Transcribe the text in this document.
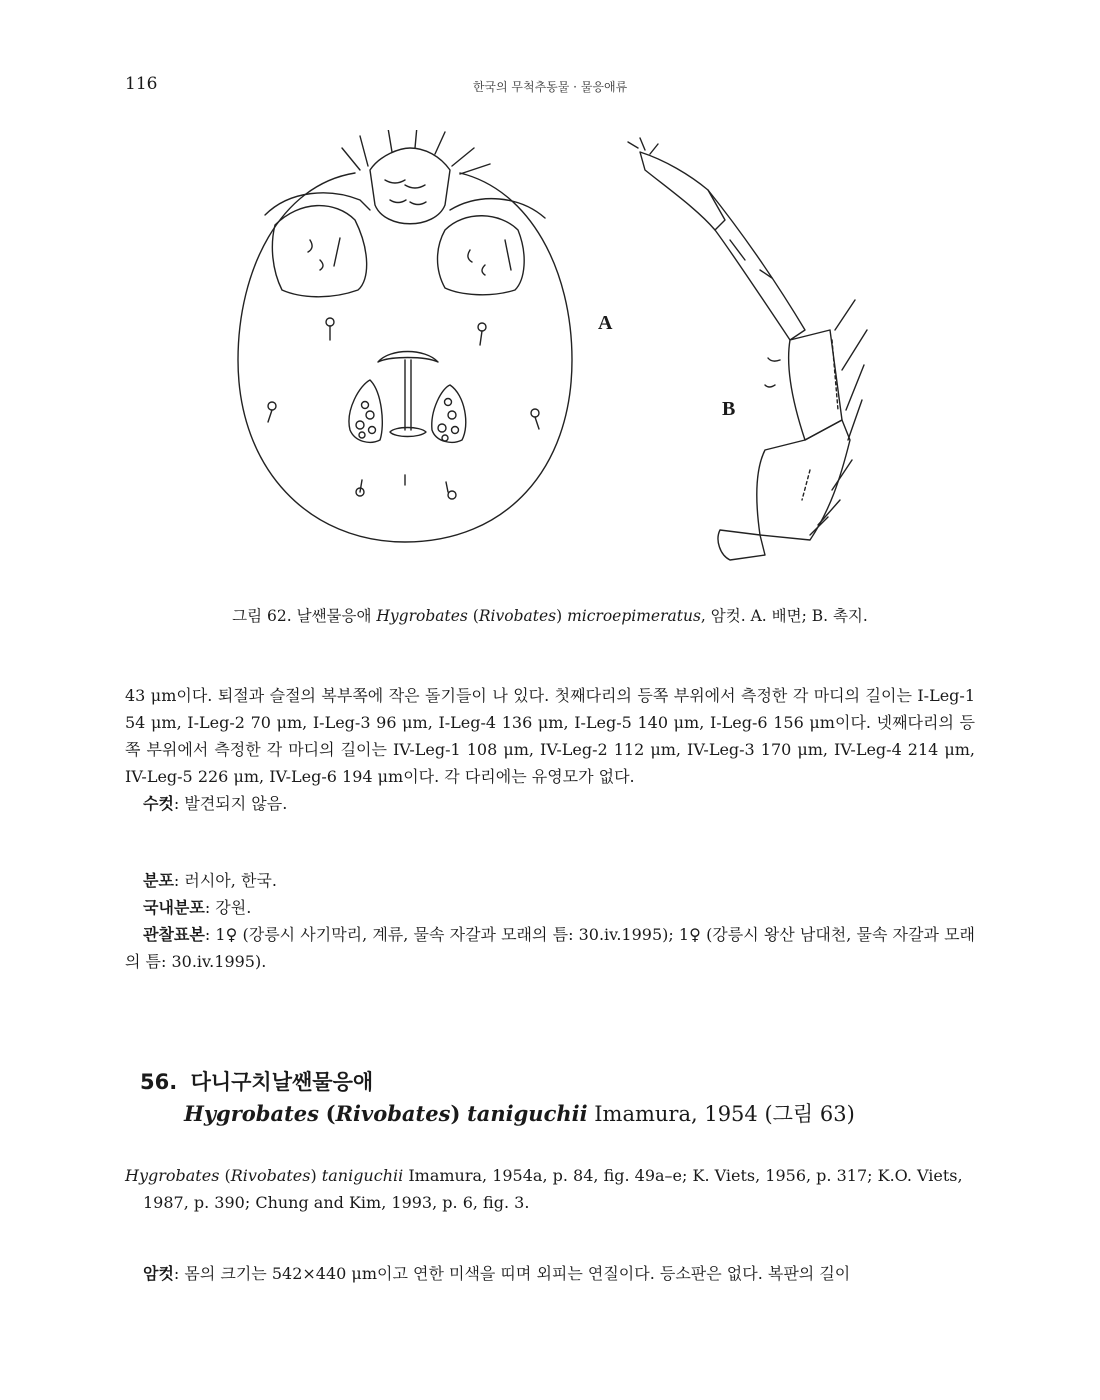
116	한국의 무척추동물 · 물응애류
A
B
그림 62. 날쌘물응애 Hygrobates (Rivobates) microepimeratus, 암컷. A. 배면; B. 촉지.

43 μm이다. 퇴절과 슬절의 복부쪽에 작은 돌기들이 나 있다. 첫째다리의 등쪽 부위에서 측정한 각 마디의 길이는 I-Leg-1 54 μm, I-Leg-2 70 μm, I-Leg-3 96 μm, I-Leg-4 136 μm, I-Leg-5 140 μm, I-Leg-6 156 μm이다. 넷째다리의 등쪽 부위에서 측정한 각 마디의 길이는 IV-Leg-1 108 μm, IV-Leg-2 112 μm, IV-Leg-3 170 μm, IV-Leg-4 214 μm, IV-Leg-5 226 μm, IV-Leg-6 194 μm이다. 각 다리에는 유영모가 없다.

수컷: 발견되지 않음.

분포: 러시아, 한국.

국내분포: 강원.

관찰표본: 1♀ (강릉시 사기막리, 계류, 물속 자갈과 모래의 틈: 30.iv.1995); 1♀ (강릉시 왕산 남대천, 물속 자갈과 모래의 틈: 30.iv.1995).

56. 다니구치날쌘물응애
Hygrobates (Rivobates) taniguchii Imamura, 1954 (그림 63)
Hygrobates (Rivobates) taniguchii Imamura, 1954a, p. 84, fig. 49a–e; K. Viets, 1956, p. 317; K.O. Viets, 1987, p. 390; Chung and Kim, 1993, p. 6, fig. 3.
암컷: 몸의 크기는 542×440 μm이고 연한 미색을 띠며 외피는 연질이다. 등소판은 없다. 복판의 길이
